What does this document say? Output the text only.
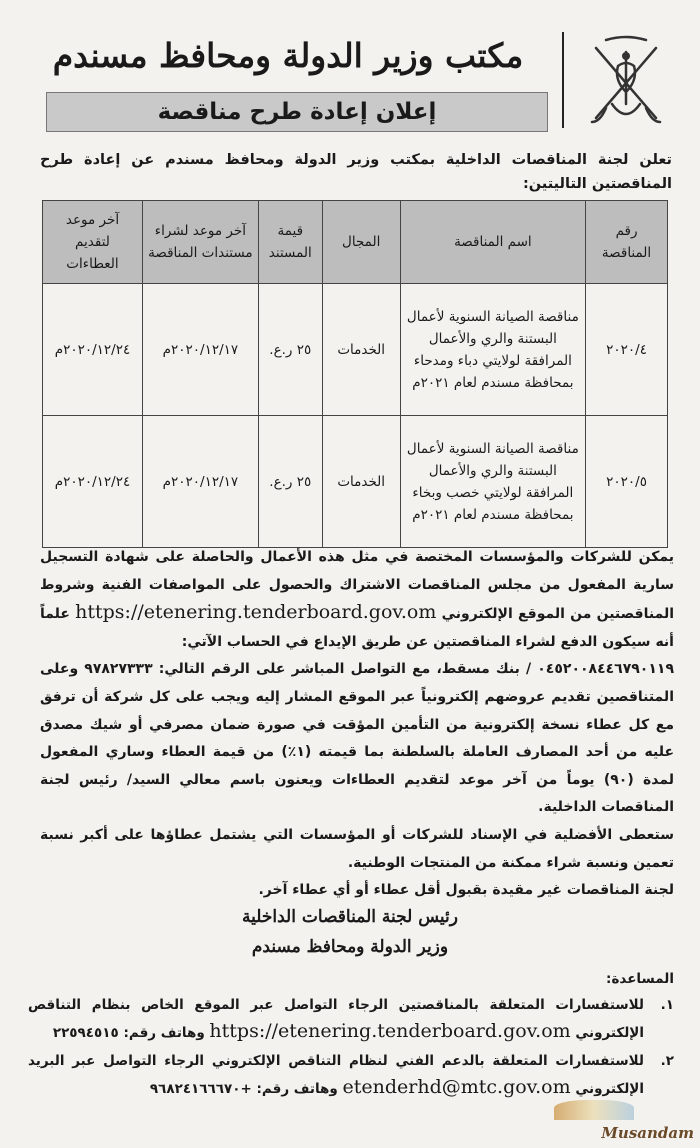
مكتب وزير الدولة ومحافظ مسندم
إعلان إعادة طرح مناقصة
تعلن لجنة المناقصات الداخلية بمكتب وزير الدولة ومحافظ مسندم عن إعادة طرح المناقصتين التاليتين:
رقم المناقصة	اسم المناقصة	المجال	قيمة المستند	آخر موعد لشراء مستندات المناقصة	آخر موعد لتقديم العطاءات
٢٠٢٠/٤	مناقصة الصيانة السنوية لأعمال البستنة والري والأعمال المرافقة لولايتي دباء ومدحاء بمحافظة مسندم لعام ٢٠٢١م	الخدمات	٢٥ ر.ع.	٢٠٢٠/١٢/١٧م	٢٠٢٠/١٢/٢٤م
٢٠٢٠/٥	مناقصة الصيانة السنوية لأعمال البستنة والري والأعمال المرافقة لولايتي خصب وبخاء بمحافظة مسندم لعام ٢٠٢١م	الخدمات	٢٥ ر.ع.	٢٠٢٠/١٢/١٧م	٢٠٢٠/١٢/٢٤م

يمكن للشركات والمؤسسات المختصة في مثل هذه الأعمال والحاصلة على شهادة التسجيل سارية المفعول من مجلس المناقصات الاشتراك والحصول على المواصفات الفنية وشروط المناقصتين من الموقع الإلكتروني https://etenering.tenderboard.gov.om علماً أنه سيكون الدفع لشراء المناقصتين عن طريق الإيداع في الحساب الآتي:

٠٤٥٢٠٠٨٤٤٦٧٩٠١١٩ / بنك مسقط، مع التواصل المباشر على الرقم التالي: ٩٧٨٢٧٣٣٣ وعلى المتناقصين تقديم عروضهم إلكترونياً عبر الموقع المشار إليه ويجب على كل شركة أن ترفق مع كل عطاء نسخة إلكترونية من التأمين المؤقت في صورة ضمان مصرفي أو شيك مصدق عليه من أحد المصارف العاملة بالسلطنة بما قيمته (١٪) من قيمة العطاء وساري المفعول لمدة (٩٠) يوماً من آخر موعد لتقديم العطاءات ويعنون باسم معالي السيد/ رئيس لجنة المناقصات الداخلية.

ستعطى الأفضلية في الإسناد للشركات أو المؤسسات التي يشتمل عطاؤها على أكبر نسبة تعمين ونسبة شراء ممكنة من المنتجات الوطنية.

لجنة المناقصات غير مقيدة بقبول أقل عطاء أو أي عطاء آخر.

رئيس لجنة المناقصات الداخلية
وزير الدولة ومحافظ مسندم
المساعدة:
١.
للاستفسارات المتعلقة بالمناقصتين الرجاء التواصل عبر الموقع الخاص بنظام التناقص الإلكتروني https://etenering.tenderboard.gov.om وهاتف رقم: ٢٢٥٩٤٥١٥
٢.
للاستفسارات المتعلقة بالدعم الفني لنظام التناقص الإلكتروني الرجاء التواصل عبر البريد الإلكتروني etenderhd@mtc.gov.om وهاتف رقم: +٩٦٨٢٤١٦٦٦٧٠
Musandam
